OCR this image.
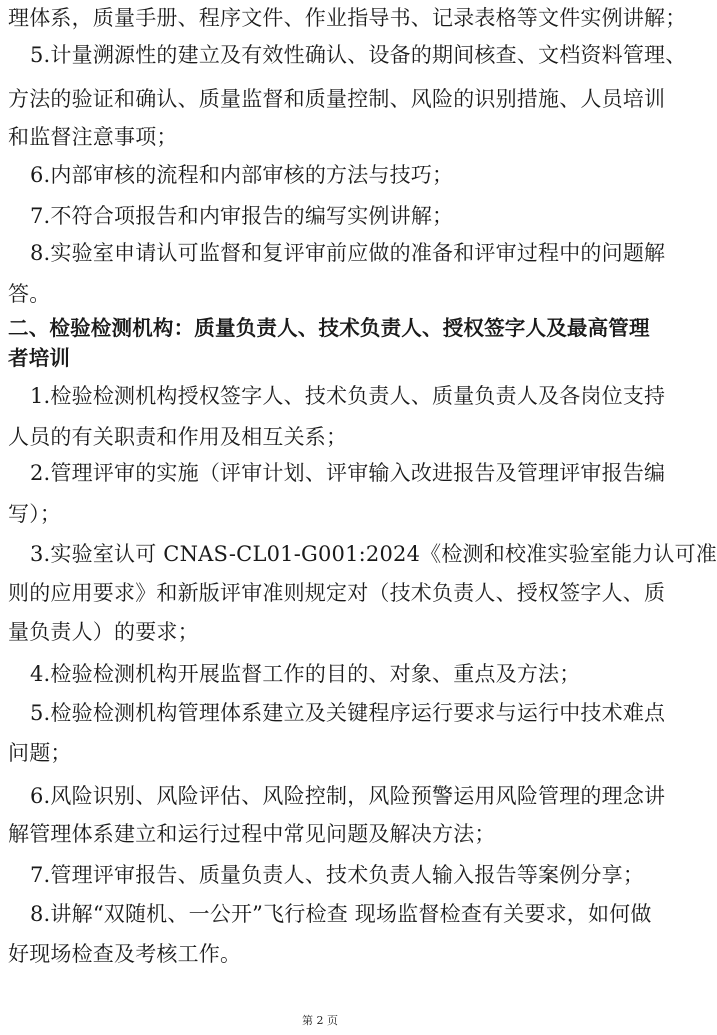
理体系，质量手册、程序文件、作业指导书、记录表格等文件实例讲解；
5.计量溯源性的建立及有效性确认、设备的期间核查、文档资料管理、
方法的验证和确认、质量监督和质量控制、风险的识别措施、人员培训
和监督注意事项；
6.内部审核的流程和内部审核的方法与技巧；
7.不符合项报告和内审报告的编写实例讲解；
8.实验室申请认可监督和复评审前应做的准备和评审过程中的问题解
答。
二、检验检测机构：质量负责人、技术负责人、授权签字人及最高管理
者培训
1.检验检测机构授权签字人、技术负责人、质量负责人及各岗位支持
人员的有关职责和作用及相互关系；
2.管理评审的实施（评审计划、评审输入改进报告及管理评审报告编
写）；
3.实验室认可 CNAS-CL01-G001:2024《检测和校准实验室能力认可准
则的应用要求》和新版评审准则规定对（技术负责人、授权签字人、质
量负责人）的要求；
4.检验检测机构开展监督工作的目的、对象、重点及方法；
5.检验检测机构管理体系建立及关键程序运行要求与运行中技术难点
问题；
6.风险识别、风险评估、风险控制，风险预警运用风险管理的理念讲
解管理体系建立和运行过程中常见问题及解决方法；
7.管理评审报告、质量负责人、技术负责人输入报告等案例分享；
8.讲解“双随机、一公开”飞行检查 现场监督检查有关要求，如何做
好现场检查及考核工作。
第 2 页
